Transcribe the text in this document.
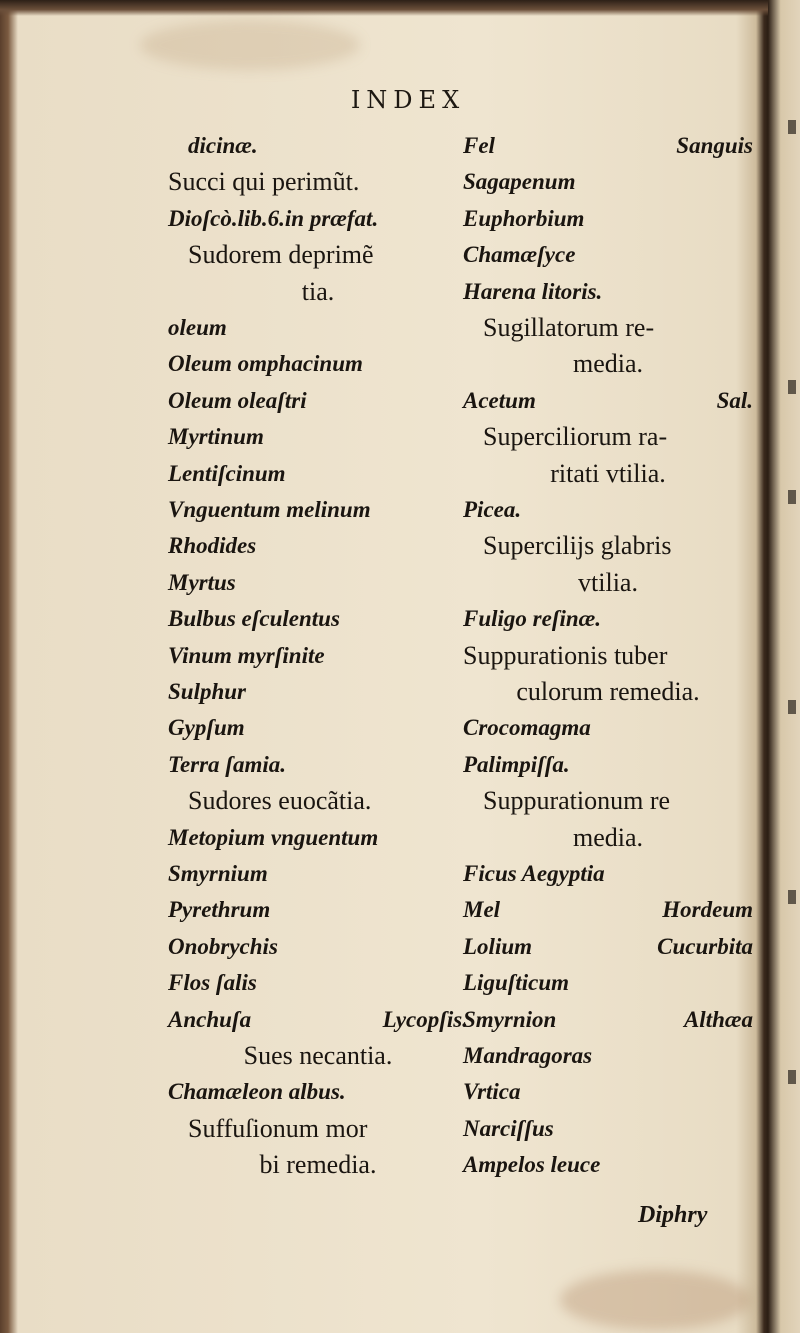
INDEX
dicinæ.
Succi qui perimũt.
Dioſcò.lib.6.in præfat.
Sudorem deprimẽ
tia.
oleum
Oleum omphacinum
Oleum oleaſtri
Myrtinum
Lentiſcinum
Vnguentum melinum
Rhodides
Myrtus
Bulbus eſculentus
Vinum myrſinite
Sulphur
Gypſum
Terra ſamia.
Sudores euocãtia.
Metopium vnguentum
Smyrnium
Pyrethrum
Onobrychis
Flos ſalis
Anchuſa	Lycopſis.
Sues necantia.
Chamæleon albus.
Suffuſionum mor
bi remedia.
Fel	Sanguis
Sagapenum
Euphorbium
Chamæſyce
Harena litoris.
Sugillatorum re-
media.
Acetum	Sal.
Superciliorum ra-
ritati vtilia.
Picea.
Supercilijs glabris
vtilia.
Fuligo reſinæ.
Suppurationis tuber
culorum remedia.
Crocomagma
Palimpiſſa.
Suppurationum re
media.
Ficus Aegyptia
Mel	Hordeum
Lolium	Cucurbita
Liguſticum
Smyrnion	Althæa
Mandragoras
Vrtica
Narciſſus
Ampelos leuce
Diphry
